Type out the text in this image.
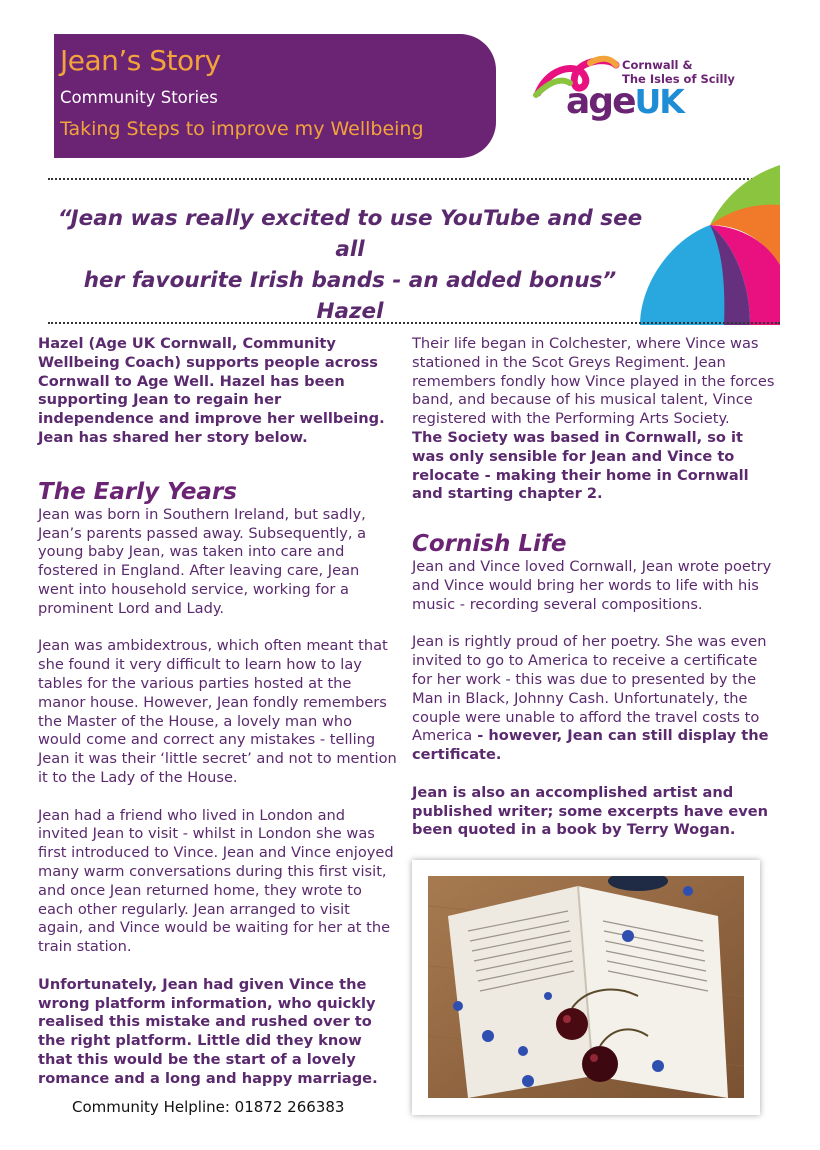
Jean’s Story
Community Stories
Taking Steps to improve my Wellbeing
Cornwall &
The Isles of Scilly
ageUK
“Jean was really excited to use YouTube and see all
her favourite Irish bands - an added bonus”
Hazel

Hazel (Age UK Cornwall, Community Wellbeing Coach) supports people across Cornwall to Age Well. Hazel has been supporting Jean to regain her independence and improve her wellbeing. Jean has shared her story below.

The Early Years

Jean was born in Southern Ireland, but sadly, Jean’s parents passed away. Subsequently, a young baby Jean, was taken into care and fostered in England. After leaving care, Jean went into household service, working for a prominent Lord and Lady.

Jean was ambidextrous, which often meant that she found it very difficult to learn how to lay tables for the various parties hosted at the manor house. However, Jean fondly remembers the Master of the House, a lovely man who would come and correct any mistakes - telling Jean it was their ‘little secret’ and not to mention it to the Lady of the House.

Jean had a friend who lived in London and invited Jean to visit - whilst in London she was first introduced to Vince. Jean and Vince enjoyed many warm conversations during this first visit, and once Jean returned home, they wrote to each other regularly. Jean arranged to visit again, and Vince would be waiting for her at the train station.

Unfortunately, Jean had given Vince the wrong platform information, who quickly realised this mistake and rushed over to the right platform. Little did they know that this would be the start of a lovely romance and a long and happy marriage.

Their life began in Colchester, where Vince was stationed in the Scot Greys Regiment. Jean remembers fondly how Vince played in the forces band, and because of his musical talent, Vince registered with the Performing Arts Society.

The Society was based in Cornwall, so it was only sensible for Jean and Vince to relocate - making their home in Cornwall and starting chapter 2.

Cornish Life

Jean and Vince loved Cornwall, Jean wrote poetry and Vince would bring her words to life with his music - recording several compositions.

Jean is rightly proud of her poetry. She was even invited to go to America to receive a certificate for her work - this was due to presented by the Man in Black, Johnny Cash. Unfortunately, the couple were unable to afford the travel costs to America - however, Jean can still display the certificate.

Jean is also an accomplished artist and published writer; some excerpts have even been quoted in a book by Terry Wogan.

Community Helpline: 01872 266383
